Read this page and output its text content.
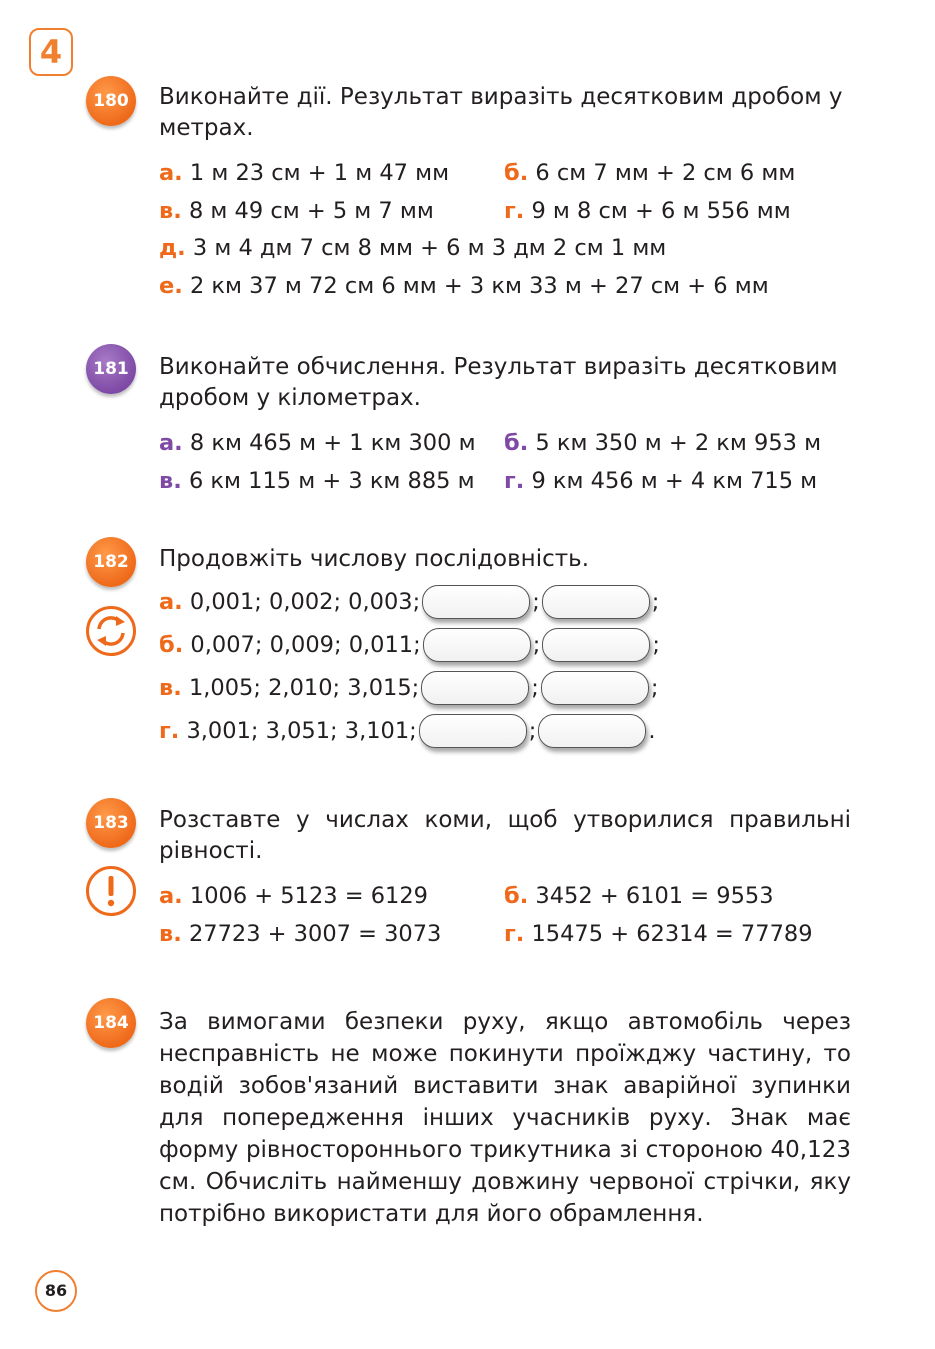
4
180	Виконайте дії. Результат виразіть десятковим дробом у метрах.
а. 1 м 23 см + 1 м 47 мм б. 6 см 7 мм + 2 см 6 мм
в. 8 м 49 см + 5 м 7 мм	г. 9 м 8 см + 6 м 556 мм
д. 3 м 4 дм 7 см 8 мм + 6 м 3 дм 2 см 1 мм
е. 2 км 37 м 72 см 6 мм + 3 км 33 м + 27 см + 6 мм
181	Виконайте обчислення. Результат виразіть десятковим дробом у кілометрах.
а. 8 км 465 м + 1 км 300 м б. 5 км 350 м + 2 км 953 м
в. 6 км 115 м + 3 км 885 м г. 9 км 456 м + 4 км 715 м
182	Продовжіть числову послідовність.
а.
0,001; 0,002; 0,003;	;	;
б.
0,007; 0,009; 0,011;	;	;
в.
1,005; 2,010; 3,015;	;	;
г.
3,001; 3,051; 3,101;	;	.
183	Розставте у числах коми, щоб утворилися правильні рівності.
а. 1006 + 5123 = 6129	б. 3452 + 6101 = 9553
в. 27723 + 3007 = 3073	г. 15475 + 62314 = 77789
184	За вимогами безпеки руху, якщо автомобіль через несправність не може покинути проїжджу частину, то водій зобов'язаний виставити знак аварійної зупинки для попередження інших учасників руху. Знак має форму рівностороннього трикутника зі стороною 40,123 см. Обчисліть найменшу довжину червоної стрічки, яку потрібно використати для його обрамлення.
86
